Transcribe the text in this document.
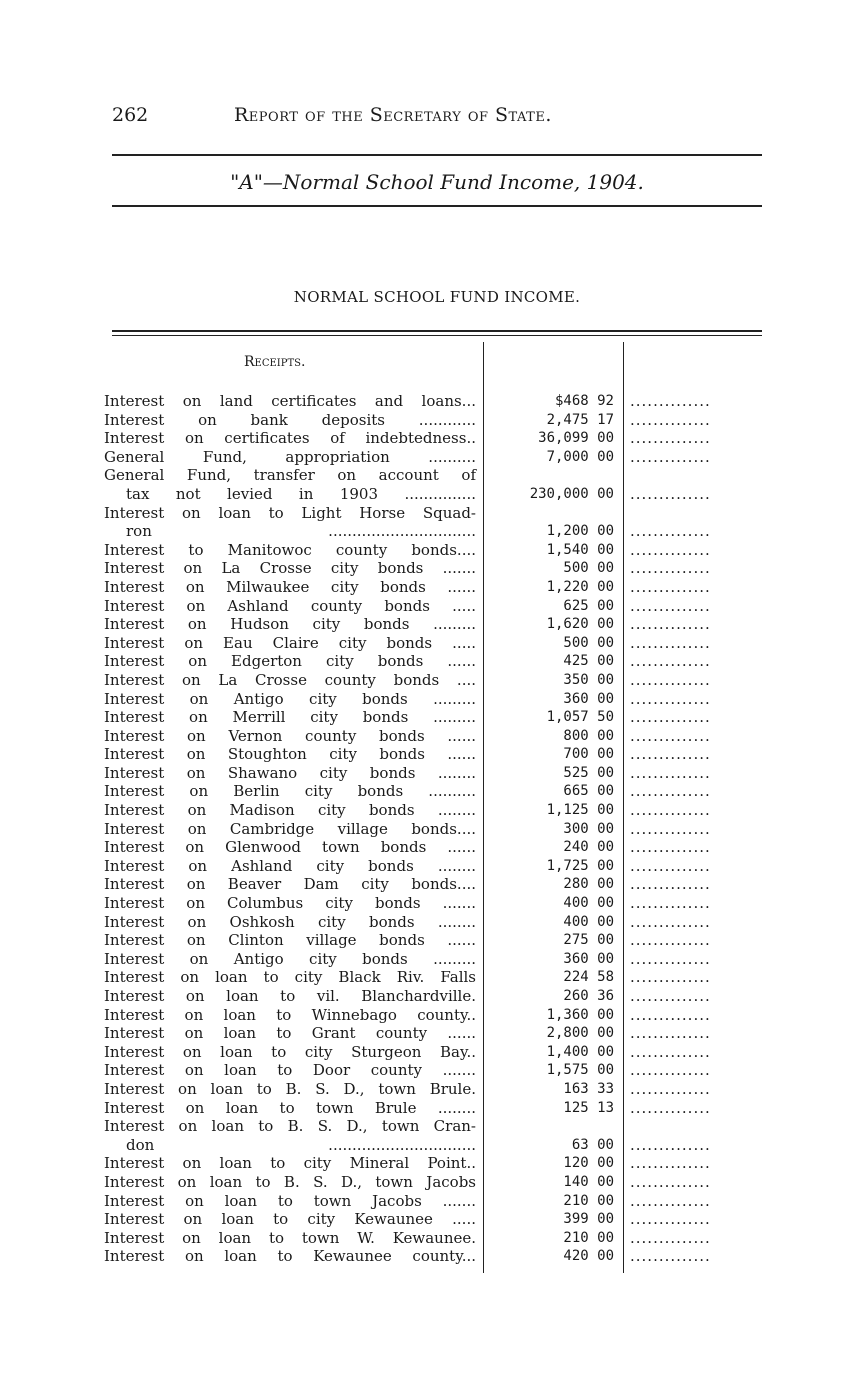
262	Report of the Secretary of State.
"A"—Normal School Fund Income, 1904.
NORMAL SCHOOL FUND INCOME.
Receipts.
Interest on land certificates and loans...	$468 92 ..............
Interest on bank deposits ............	2,475 17 ..............
Interest on certificates of indebtedness..	36,099 00 ..............
General Fund, appropriation ..........	7,000 00 ..............
General Fund, transfer on account of
tax not levied in 1903 ...............	230,000 00 ..............
Interest on loan to Light Horse Squad-
ron ...............................	1,200 00 ..............
Interest to Manitowoc county bonds....	1,540 00 ..............
Interest on La Crosse city bonds .......	500 00 ..............
Interest on Milwaukee city bonds ......	1,220 00 ..............
Interest on Ashland county bonds .....	625 00 ..............
Interest on Hudson city bonds .........	1,620 00 ..............
Interest on Eau Claire city bonds .....	500 00 ..............
Interest on Edgerton city bonds ......	425 00 ..............
Interest on La Crosse county bonds ....	350 00 ..............
Interest on Antigo city bonds .........	360 00 ..............
Interest on Merrill city bonds .........	1,057 50 ..............
Interest on Vernon county bonds ......	800 00 ..............
Interest on Stoughton city bonds ......	700 00 ..............
Interest on Shawano city bonds ........	525 00 ..............
Interest on Berlin city bonds ..........	665 00 ..............
Interest on Madison city bonds ........	1,125 00 ..............
Interest on Cambridge village bonds....	300 00 ..............
Interest on Glenwood town bonds ......	240 00 ..............
Interest on Ashland city bonds ........	1,725 00 ..............
Interest on Beaver Dam city bonds....	280 00 ..............
Interest on Columbus city bonds .......	400 00 ..............
Interest on Oshkosh city bonds ........	400 00 ..............
Interest on Clinton village bonds ......	275 00 ..............
Interest on Antigo city bonds .........	360 00 ..............
Interest on loan to city Black Riv. Falls	224 58 ..............
Interest on loan to vil. Blanchardville.	260 36 ..............
Interest on loan to Winnebago county..	1,360 00 ..............
Interest on loan to Grant county ......	2,800 00 ..............
Interest on loan to city Sturgeon Bay..	1,400 00 ..............
Interest on loan to Door county .......	1,575 00 ..............
Interest on loan to B. S. D., town Brule.	163 33 ..............
Interest on loan to town Brule ........	125 13 ..............
Interest on loan to B. S. D., town Cran-
don ...............................	63 00 ..............
Interest on loan to city Mineral Point..	120 00 ..............
Interest on loan to B. S. D., town Jacobs	140 00 ..............
Interest on loan to town Jacobs .......	210 00 ..............
Interest on loan to city Kewaunee .....	399 00 ..............
Interest on loan to town W. Kewaunee.	210 00 ..............
Interest on loan to Kewaunee county...	420 00 ..............
